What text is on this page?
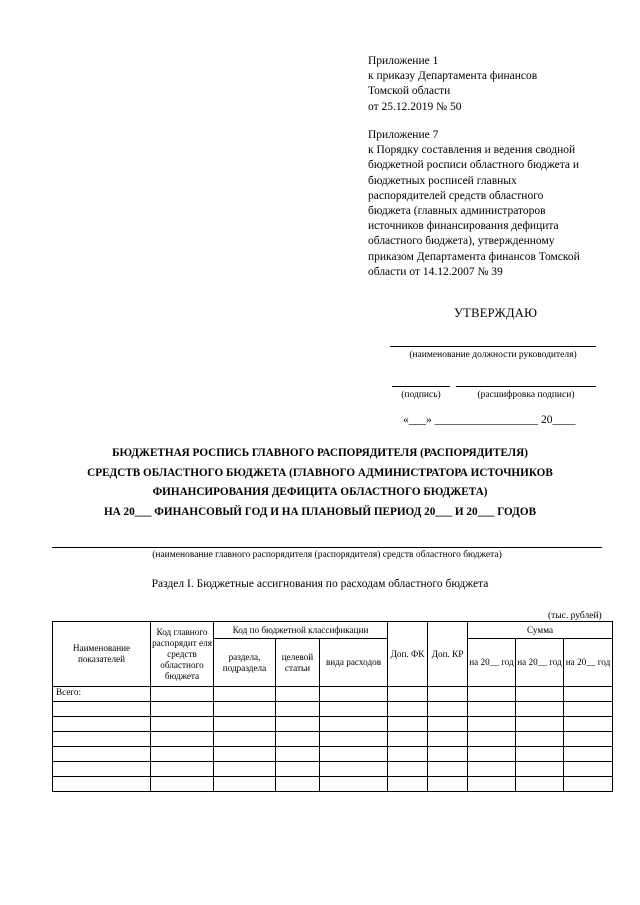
Приложение 1
к приказу Департамента финансов
Томской области
от 25.12.2019 № 50
Приложение 7
к Порядку составления и ведения сводной
бюджетной росписи областного бюджета и
бюджетных росписей главных
распорядителей средств областного
бюджета (главных администраторов
источников финансирования дефицита
областного бюджета), утвержденному
приказом Департамента финансов Томской
области от 14.12.2007 № 39
УТВЕРЖДАЮ
(наименование должности руководителя)
(подпись)	(расшифровка подписи)
«___» __________________ 20____
БЮДЖЕТНАЯ РОСПИСЬ ГЛАВНОГО РАСПОРЯДИТЕЛЯ (РАСПОРЯДИТЕЛЯ)
СРЕДСТВ ОБЛАСТНОГО БЮДЖЕТА (ГЛАВНОГО АДМИНИСТРАТОРА ИСТОЧНИКОВ
ФИНАНСИРОВАНИЯ ДЕФИЦИТА ОБЛАСТНОГО БЮДЖЕТА)
НА 20___ ФИНАНСОВЫЙ ГОД И НА ПЛАНОВЫЙ ПЕРИОД 20___ И 20___ ГОДОВ
(наименование главного распорядителя (распорядителя) средств областного бюджета)
Раздел I. Бюджетные ассигнования по расходам областного бюджета
(тыс. рублей)
Наименование показателей	Код главного распорядит еля средств областного бюджета	Код по бюджетной классификации			Доп. ФК	Доп. КР	Сумма		
		раздела, подраздела	целевой статьи	вида расходов			на 20__ год	на 20__ год	на 20__ год
Всего:									
